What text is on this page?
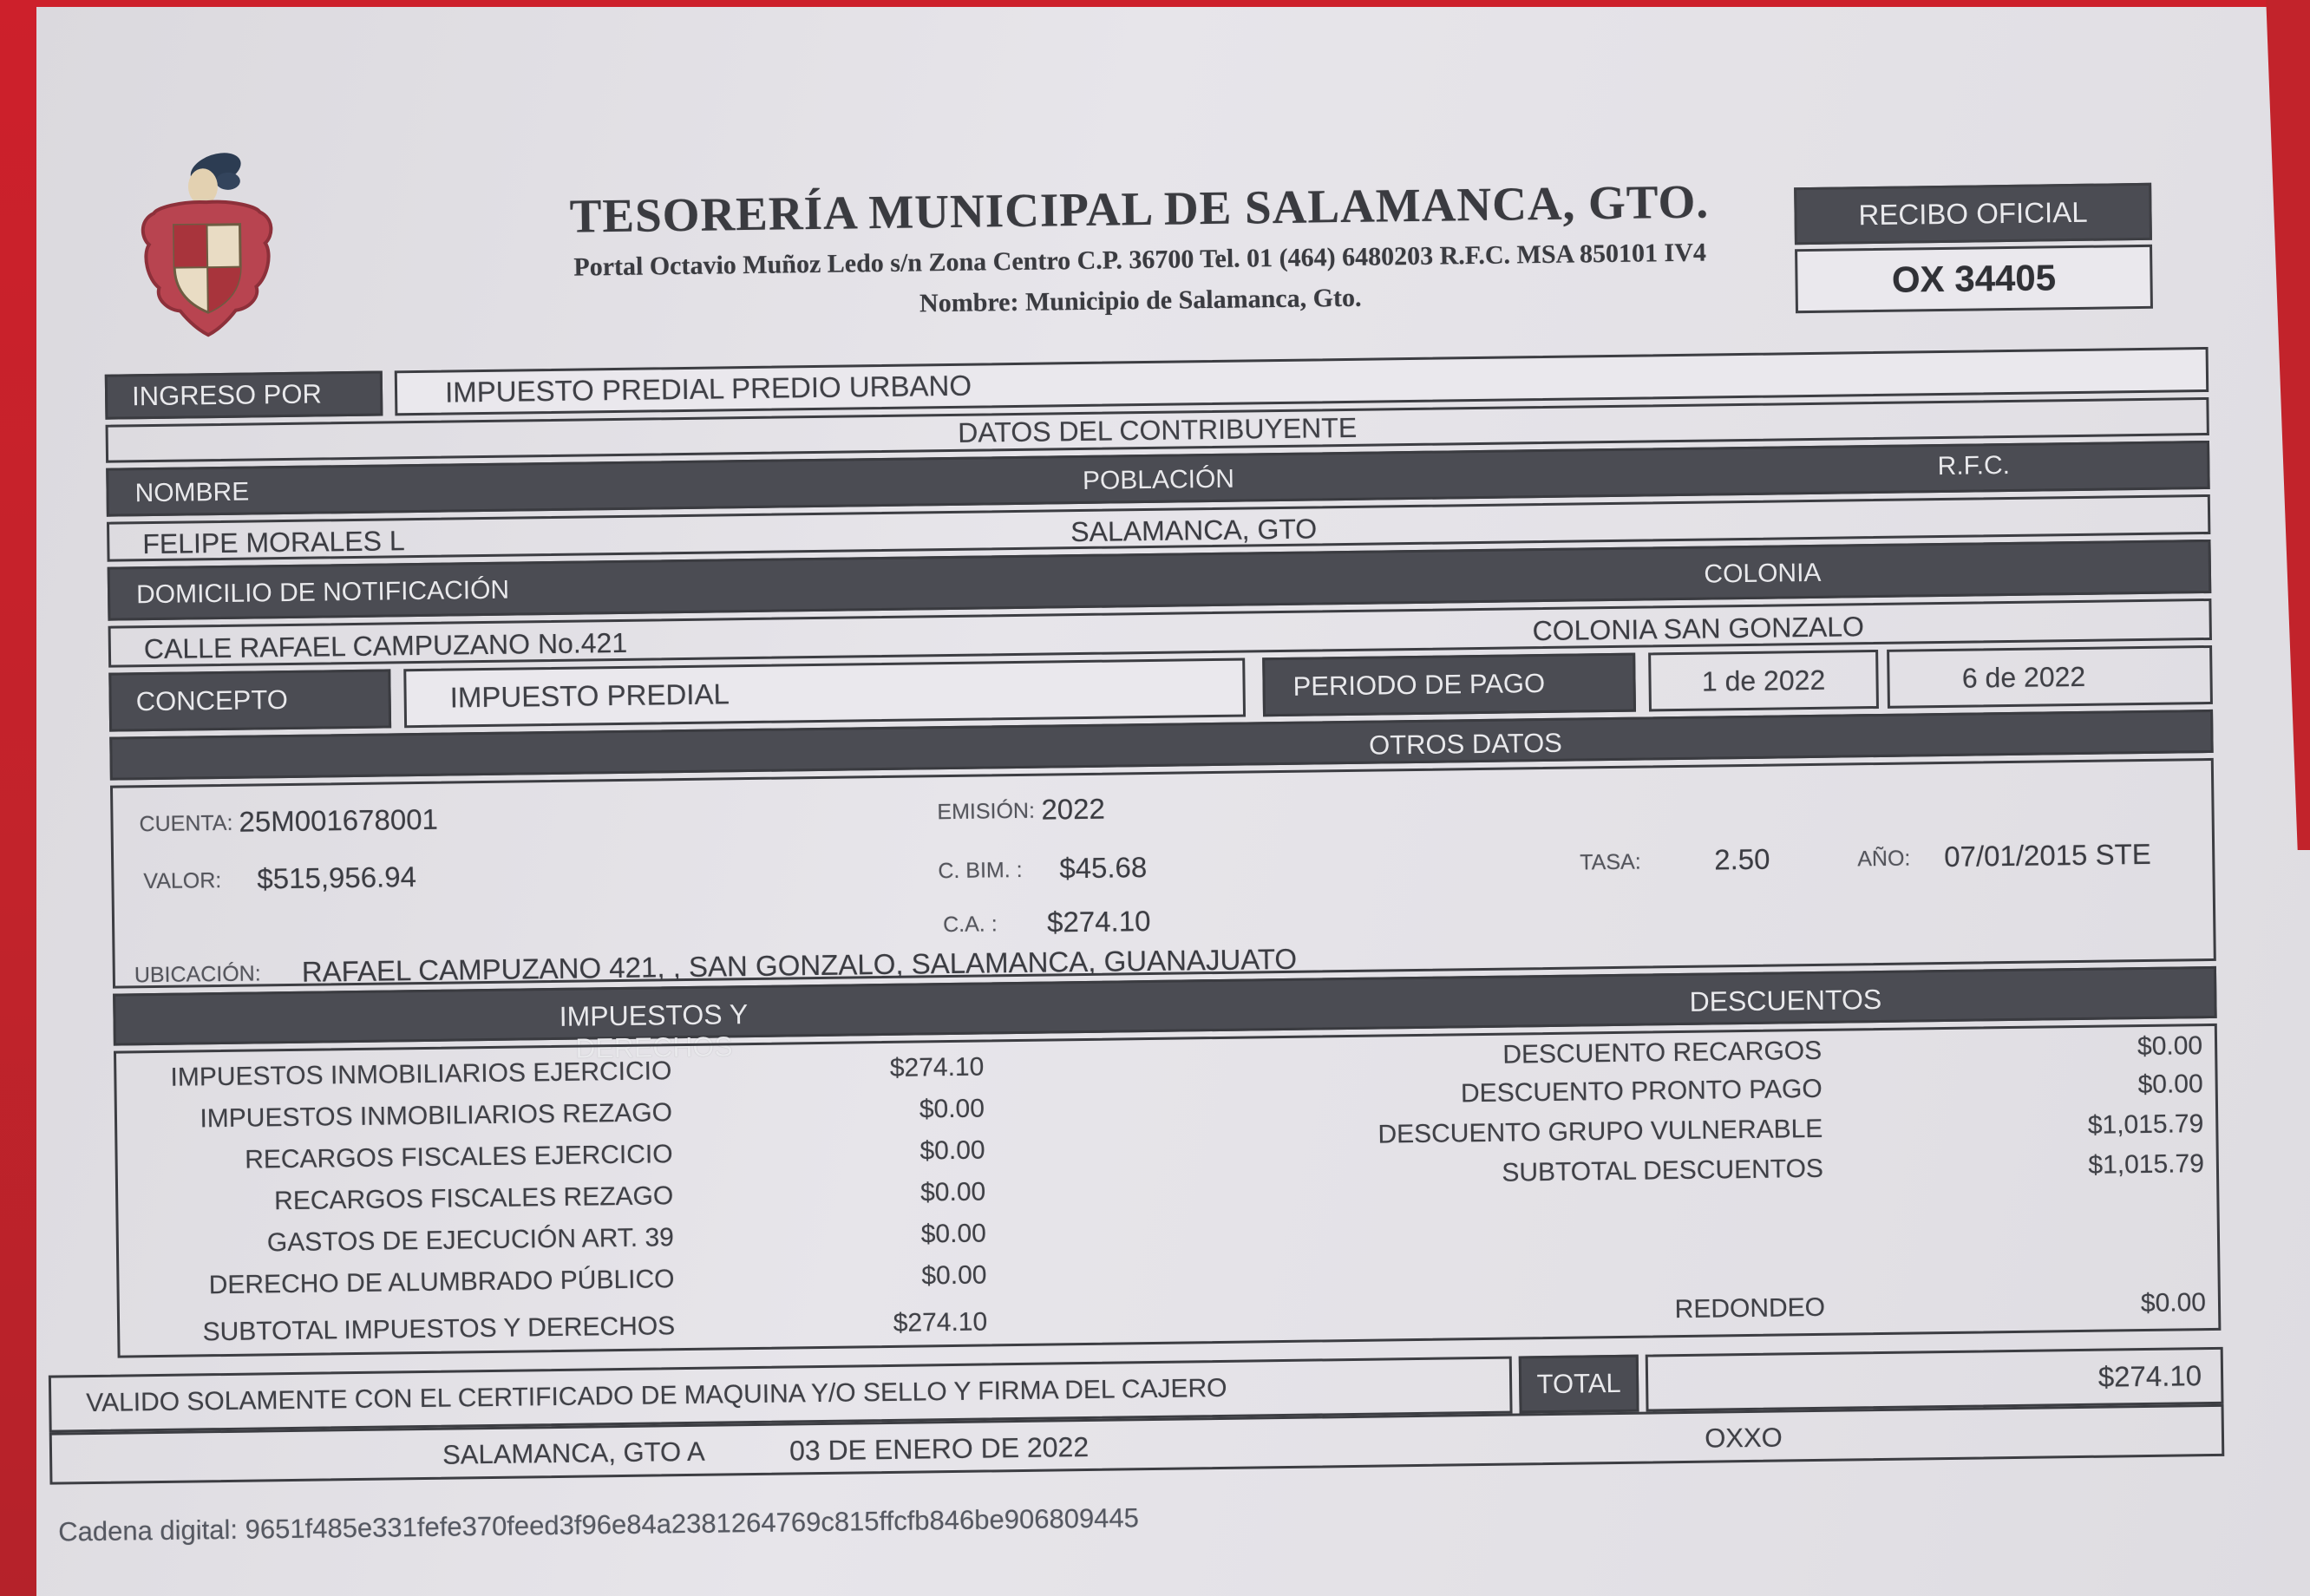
TESORERÍA MUNICIPAL DE SALAMANCA, GTO.
Portal Octavio Muñoz Ledo s/n Zona Centro C.P. 36700 Tel. 01 (464) 6480203 R.F.C. MSA 850101 IV4
Nombre: Municipio de Salamanca, Gto.
RECIBO OFICIAL
OX 34405
INGRESO POR	IMPUESTO PREDIAL PREDIO URBANO
DATOS DEL CONTRIBUYENTE
NOMBRE	POBLACIÓN	R.F.C.
FELIPE MORALES L	SALAMANCA, GTO
DOMICILIO DE NOTIFICACIÓN
COLONIA
CALLE RAFAEL CAMPUZANO No.421	COLONIA SAN GONZALO
CONCEPTO	IMPUESTO PREDIAL	PERIODO DE PAGO	1 de 2022	6 de 2022
OTROS DATOS
CUENTA: 25M001678001	EMISIÓN: 2022
VALOR: $515,956.94	C. BIM. : $45.68	TASA:	2.50	AÑO: 07/01/2015 STE
C.A. : $274.10
UBICACIÓN: RAFAEL CAMPUZANO 421, , SAN GONZALO, SALAMANCA, GUANAJUATO
IMPUESTOS Y DERECHOS
DESCUENTOS
IMPUESTOS INMOBILIARIOS EJERCICIO	$274.10
IMPUESTOS INMOBILIARIOS REZAGO	$0.00
RECARGOS FISCALES EJERCICIO	$0.00
RECARGOS FISCALES REZAGO	$0.00
GASTOS DE EJECUCIÓN ART. 39	$0.00
DERECHO DE ALUMBRADO PÚBLICO	$0.00
SUBTOTAL IMPUESTOS Y DERECHOS	$274.10
DESCUENTO RECARGOS	$0.00
DESCUENTO PRONTO PAGO	$0.00
DESCUENTO GRUPO VULNERABLE	$1,015.79
SUBTOTAL DESCUENTOS	$1,015.79
REDONDEO	$0.00
VALIDO SOLAMENTE CON EL CERTIFICADO DE MAQUINA Y/O SELLO Y FIRMA DEL CAJERO	TOTAL	$274.10
SALAMANCA, GTO A	03 DE ENERO DE 2022	OXXO
Cadena digital: 9651f485e331fefe370feed3f96e84a2381264769c815ffcfb846be906809445
